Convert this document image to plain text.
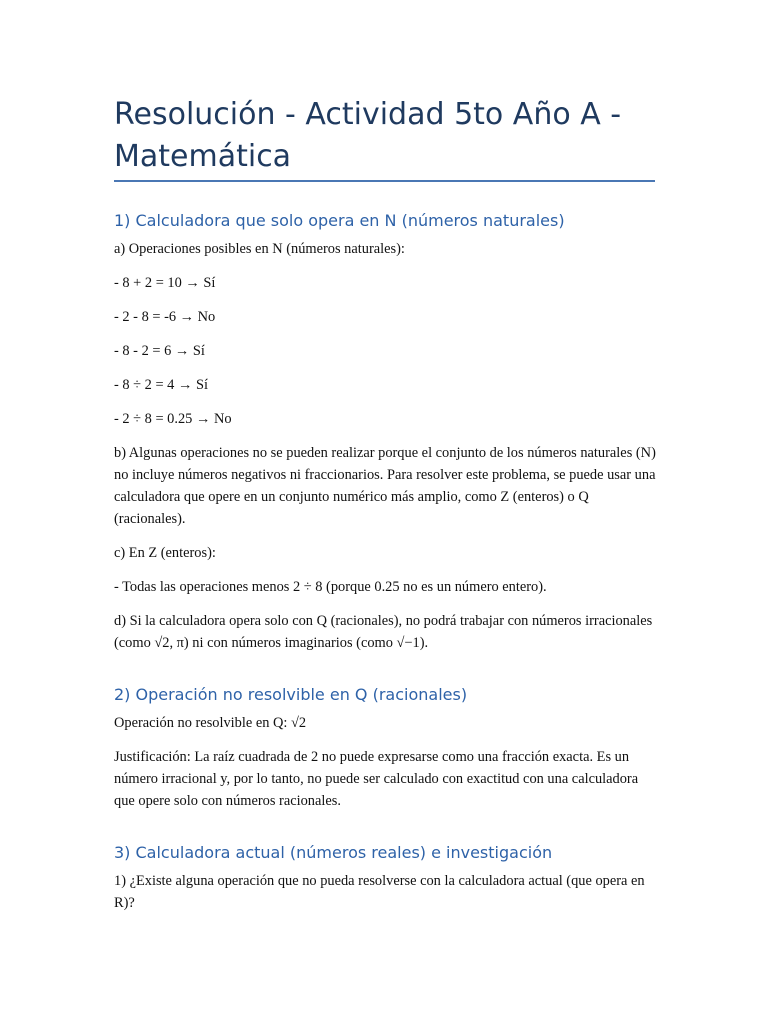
Resolución - Actividad 5to Año A - Matemática
1) Calculadora que solo opera en N (números naturales)

a) Operaciones posibles en N (números naturales):

- 8 + 2 = 10 → Sí

- 2 - 8 = -6 → No

- 8 - 2 = 6 → Sí

- 8 ÷ 2 = 4 → Sí

- 2 ÷ 8 = 0.25 → No

b) Algunas operaciones no se pueden realizar porque el conjunto de los números naturales (N) no incluye números negativos ni fraccionarios. Para resolver este problema, se puede usar una calculadora que opere en un conjunto numérico más amplio, como Z (enteros) o Q (racionales).

c) En Z (enteros):

- Todas las operaciones menos 2 ÷ 8 (porque 0.25 no es un número entero).

d) Si la calculadora opera solo con Q (racionales), no podrá trabajar con números irracionales (como √2, π) ni con números imaginarios (como √−1).

2) Operación no resolvible en Q (racionales)

Operación no resolvible en Q: √2

Justificación: La raíz cuadrada de 2 no puede expresarse como una fracción exacta. Es un número irracional y, por lo tanto, no puede ser calculado con exactitud con una calculadora que opere solo con números racionales.

3) Calculadora actual (números reales) e investigación

1) ¿Existe alguna operación que no pueda resolverse con la calculadora actual (que opera en R)?
